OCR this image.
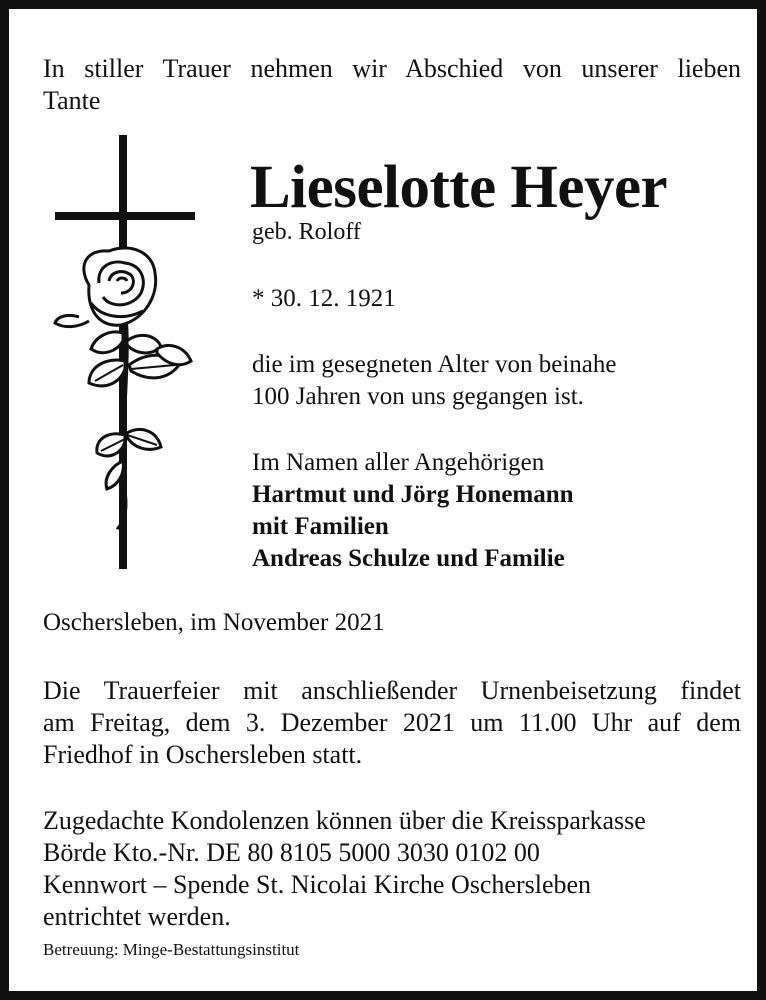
In stiller Trauer nehmen wir Abschied von unserer lieben
Tante

Lieselotte Heyer
geb. Roloff
* 30. 12. 1921
die im gesegneten Alter von beinahe
100 Jahren von uns gegangen ist.
Im Namen aller Angehörigen
Hartmut und Jörg Honemann
mit Familien
Andreas Schulze und Familie
Oschersleben, im November 2021

Die Trauerfeier mit anschließender Urnenbeisetzung findet
am Freitag, dem 3. Dezember 2021 um 11.00 Uhr auf dem
Friedhof in Oschersleben statt.

Zugedachte Kondolenzen können über die Kreissparkasse
Börde Kto.-Nr. DE 80 8105 5000 3030 0102 00
Kennwort – Spende St. Nicolai Kirche Oschersleben
entrichtet werden.

Betreuung: Minge-Bestattungsinstitut
